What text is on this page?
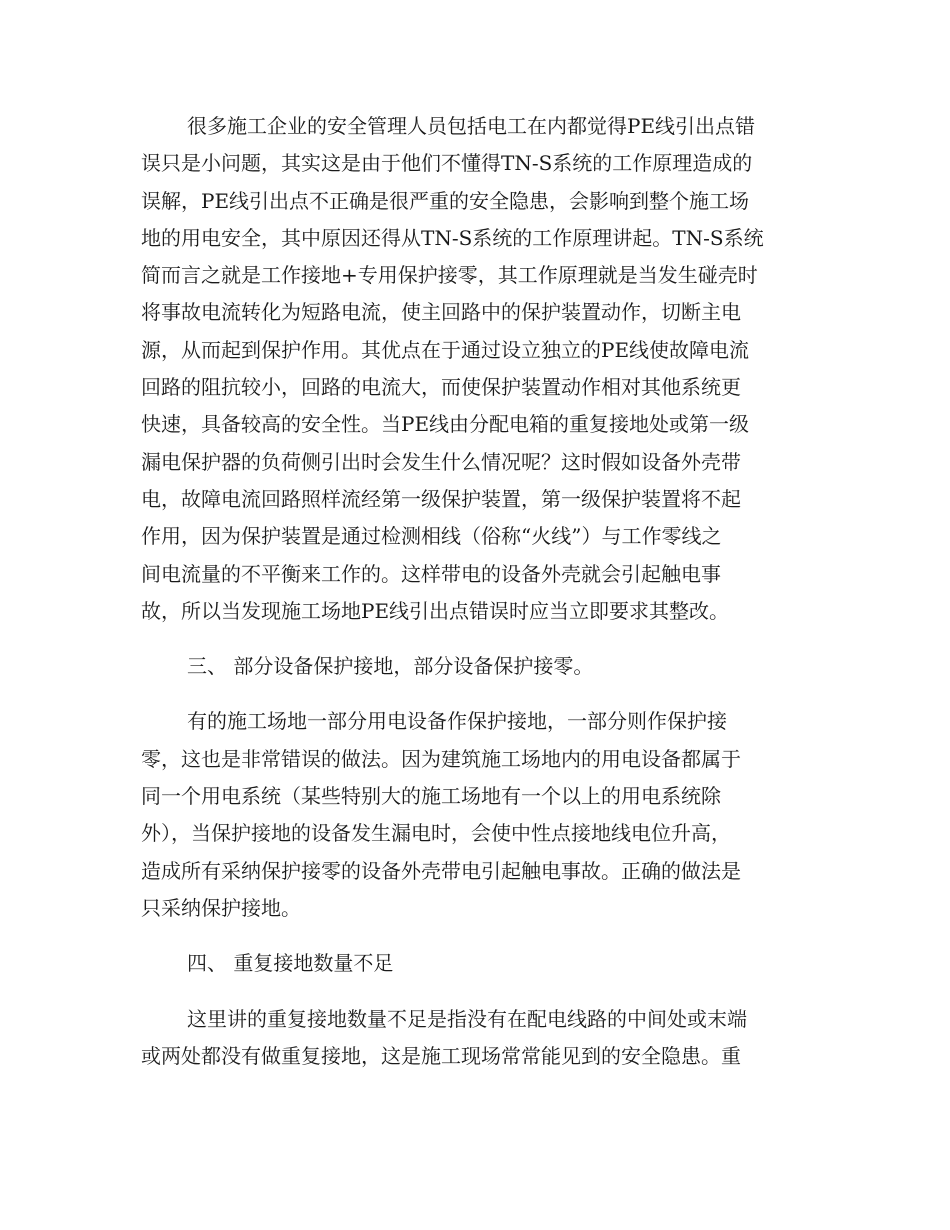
很多施工企业的安全管理人员包括电工在内都觉得PE线引出点错
误只是小问题，其实这是由于他们不懂得TN-S系统的工作原理造成的
误解，PE线引出点不正确是很严重的安全隐患，会影响到整个施工场
地的用电安全，其中原因还得从TN-S系统的工作原理讲起。TN-S系统
简而言之就是工作接地+专用保护接零，其工作原理就是当发生碰壳时
将事故电流转化为短路电流，使主回路中的保护装置动作，切断主电
源，从而起到保护作用。其优点在于通过设立独立的PE线使故障电流
回路的阻抗较小，回路的电流大，而使保护装置动作相对其他系统更
快速，具备较高的安全性。当PE线由分配电箱的重复接地处或第一级
漏电保护器的负荷侧引出时会发生什么情况呢？这时假如设备外壳带
电，故障电流回路照样流经第一级保护装置，第一级保护装置将不起
作用，因为保护装置是通过检测相线（俗称“火线”）与工作零线之
间电流量的不平衡来工作的。这样带电的设备外壳就会引起触电事
故，所以当发现施工场地PE线引出点错误时应当立即要求其整改。
三、 部分设备保护接地，部分设备保护接零。
有的施工场地一部分用电设备作保护接地，一部分则作保护接
零，这也是非常错误的做法。因为建筑施工场地内的用电设备都属于
同一个用电系统（某些特别大的施工场地有一个以上的用电系统除
外），当保护接地的设备发生漏电时，会使中性点接地线电位升高，
造成所有采纳保护接零的设备外壳带电引起触电事故。正确的做法是
只采纳保护接地。
四、 重复接地数量不足
这里讲的重复接地数量不足是指没有在配电线路的中间处或末端
或两处都没有做重复接地，这是施工现场常常能见到的安全隐患。重
